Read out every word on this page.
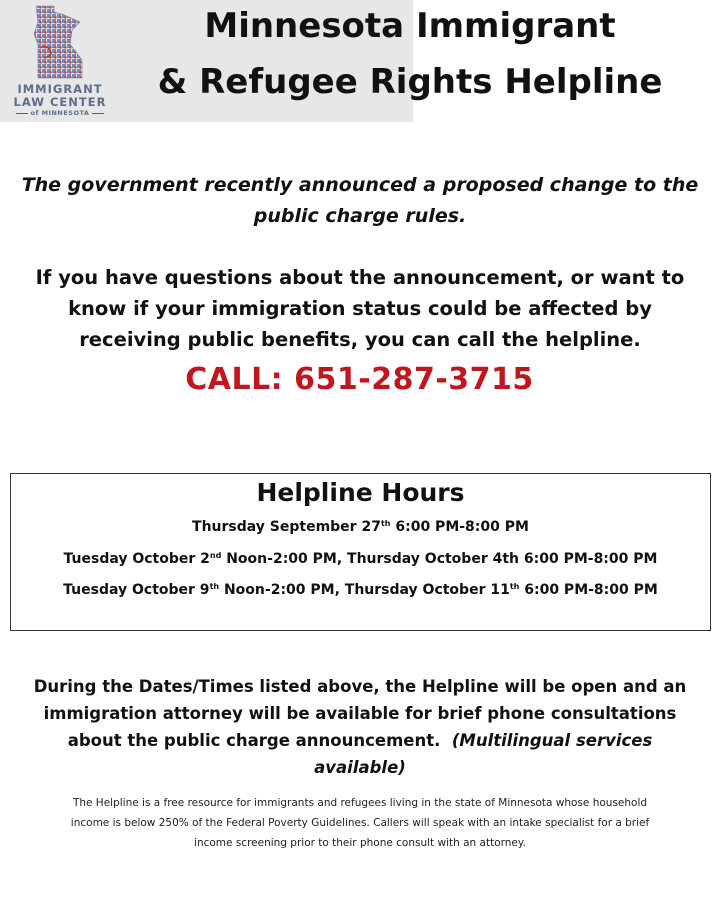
IMMIGRANT
LAW CENTER
of MINNESOTA
Minnesota Immigrant
& Refugee Rights Helpline
The government recently announced a proposed change to the public charge rules.
If you have questions about the announcement, or want to know if your immigration status could be affected by receiving public benefits, you can call the helpline.
CALL: 651-287-3715
Helpline Hours
Thursday September 27th 6:00 PM-8:00 PM
Tuesday October 2nd Noon-2:00 PM, Thursday October 4th 6:00 PM-8:00 PM
Tuesday October 9th Noon-2:00 PM, Thursday October 11th 6:00 PM-8:00 PM
During the Dates/Times listed above, the Helpline will be open and an immigration attorney will be available for brief phone consultations about the public charge announcement. (Multilingual services available)
The Helpline is a free resource for immigrants and refugees living in the state of Minnesota whose household income is below 250% of the Federal Poverty Guidelines. Callers will speak with an intake specialist for a brief income screening prior to their phone consult with an attorney.
